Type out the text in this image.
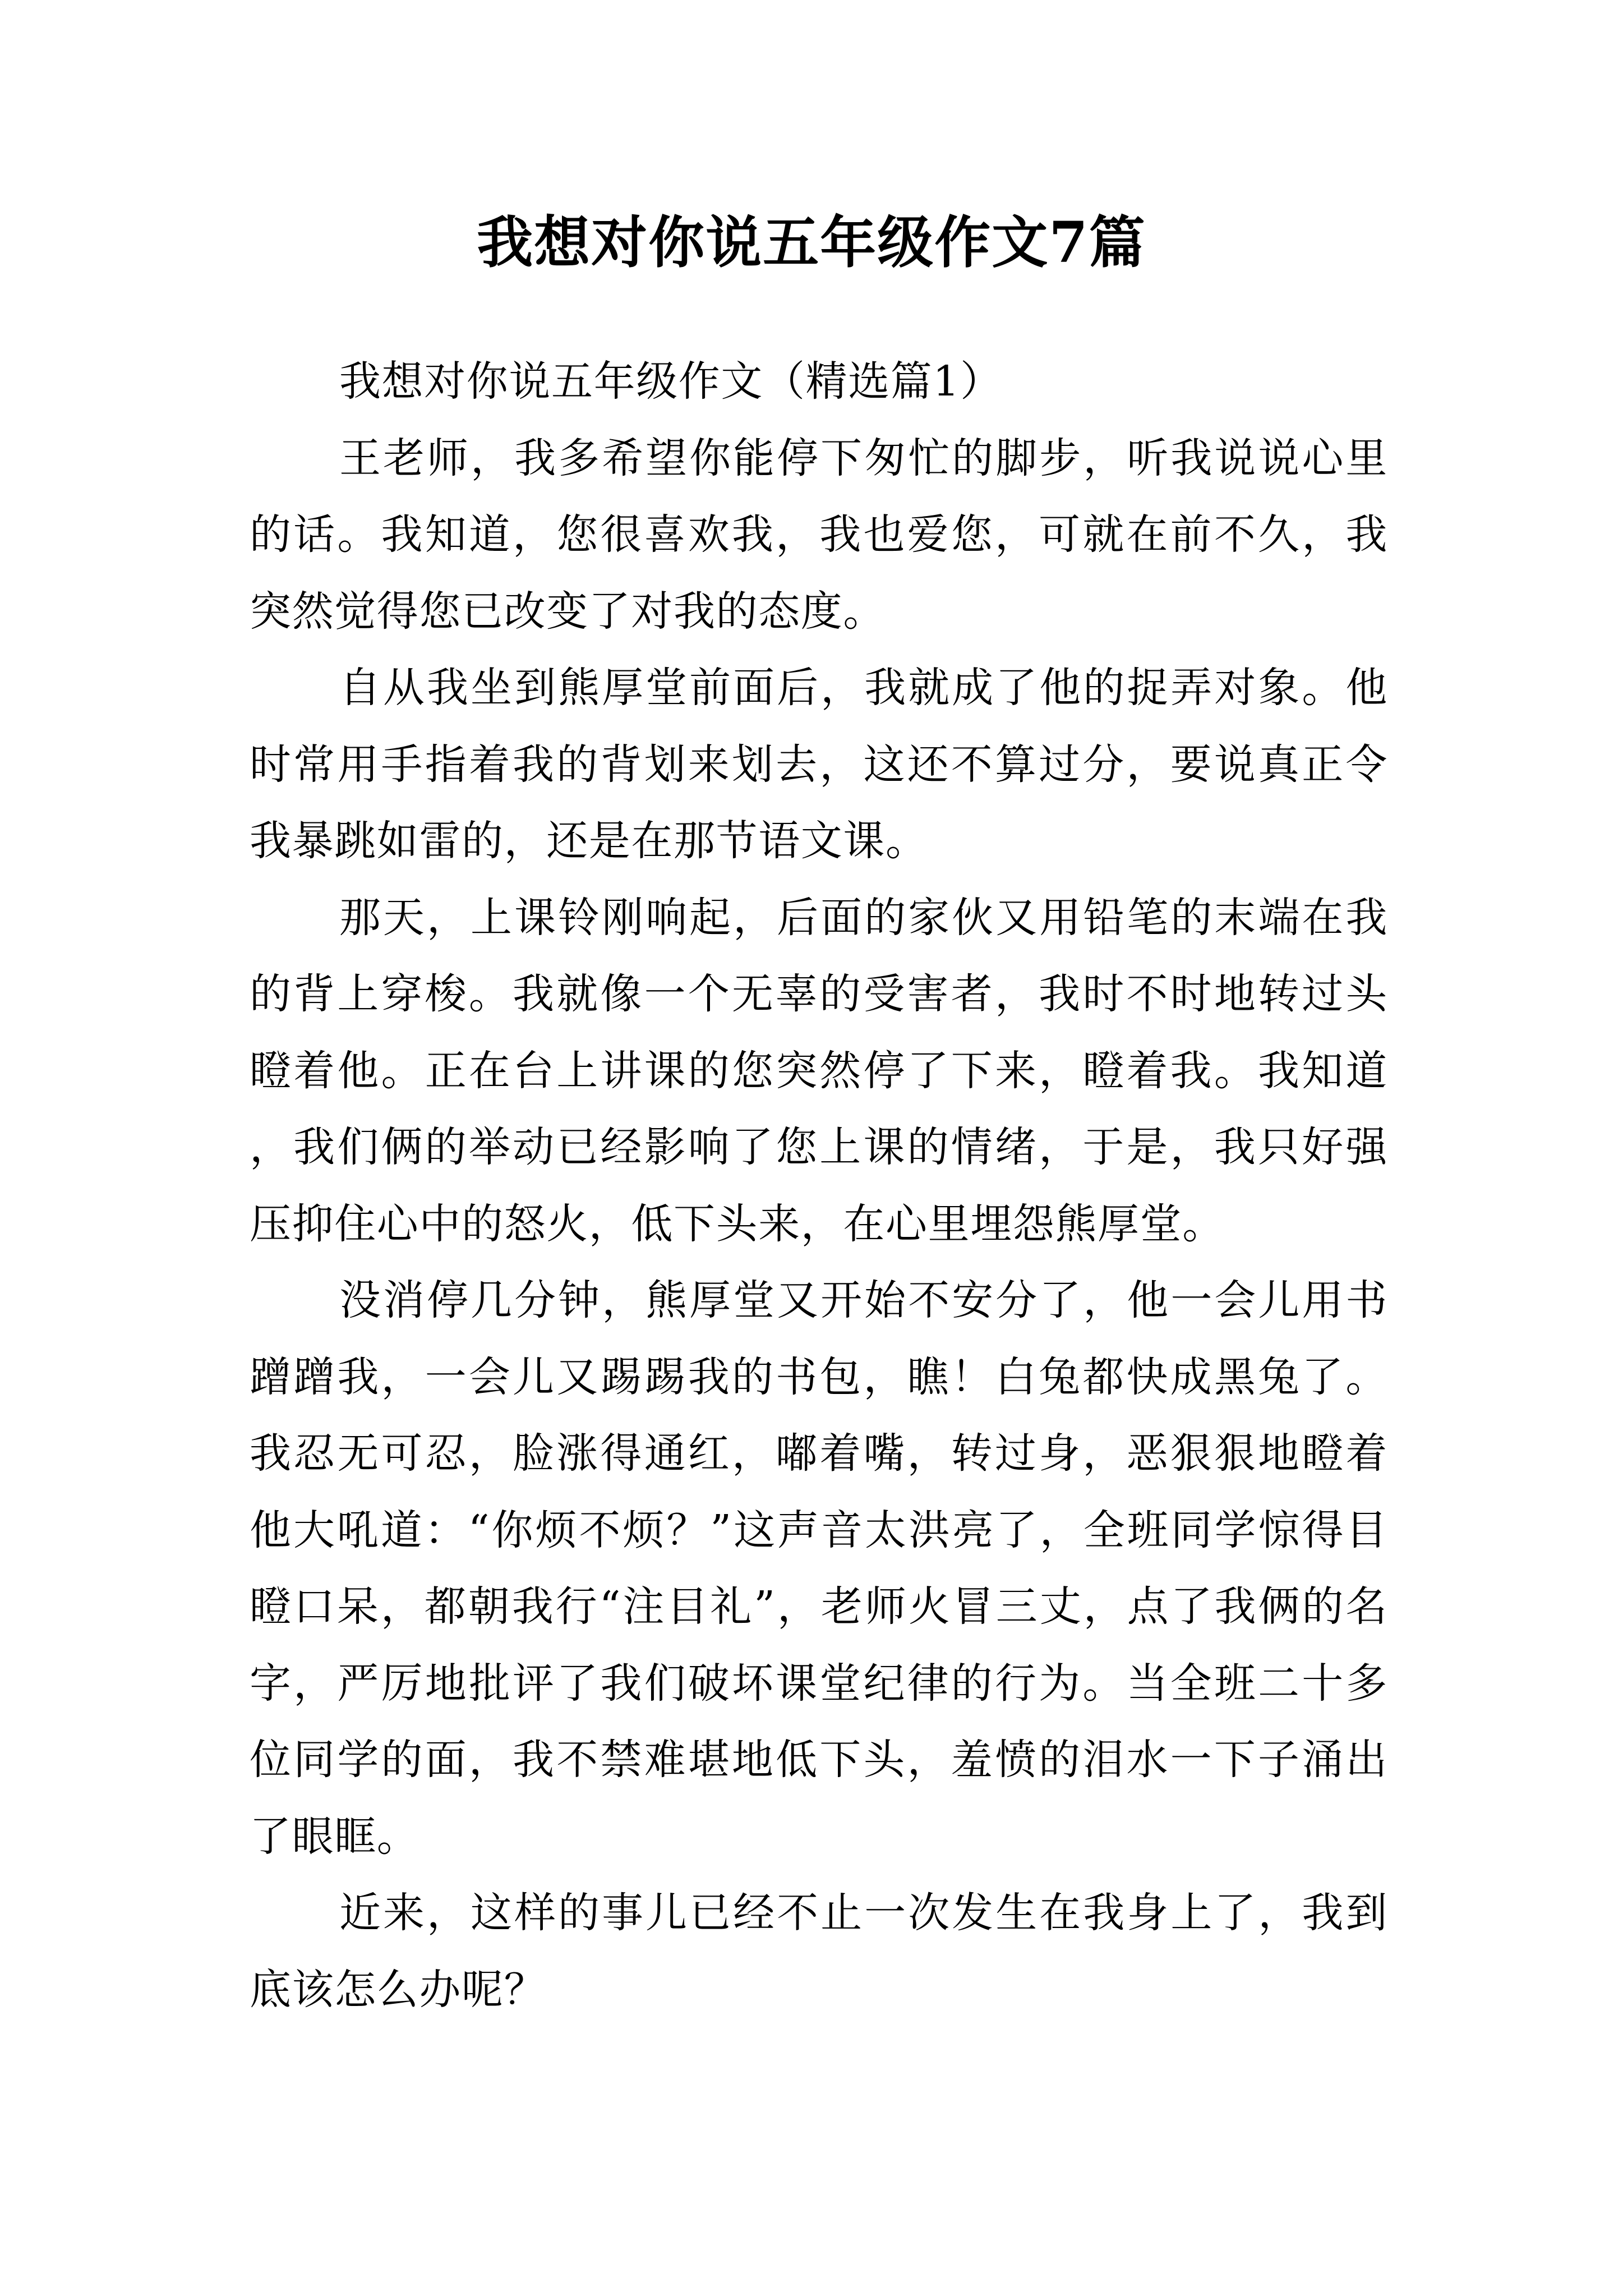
我想对你说五年级作文7篇

我想对你说五年级作文（精选篇1）

王老师，我多希望你能停下匆忙的脚步，听我说说心里的话。我知道，您很喜欢我，我也爱您，可就在前不久，我突然觉得您已改变了对我的态度。

自从我坐到熊厚堂前面后，我就成了他的捉弄对象。他时常用手指着我的背划来划去，这还不算过分，要说真正令我暴跳如雷的，还是在那节语文课。

那天，上课铃刚响起，后面的家伙又用铅笔的末端在我的背上穿梭。我就像一个无辜的受害者，我时不时地转过头瞪着他。正在台上讲课的您突然停了下来，瞪着我。我知道，我们俩的举动已经影响了您上课的情绪，于是，我只好强压抑住心中的怒火，低下头来，在心里埋怨熊厚堂。

没消停几分钟，熊厚堂又开始不安分了，他一会儿用书蹭蹭我，一会儿又踢踢我的书包，瞧！白兔都快成黑兔了。我忍无可忍，脸涨得通红，嘟着嘴，转过身，恶狠狠地瞪着他大吼道：“你烦不烦？”这声音太洪亮了，全班同学惊得目瞪口呆，都朝我行“注目礼”，老师火冒三丈，点了我俩的名字，严厉地批评了我们破坏课堂纪律的行为。当全班二十多位同学的面，我不禁难堪地低下头，羞愤的泪水一下子涌出了眼眶。

近来，这样的事儿已经不止一次发生在我身上了，我到底该怎么办呢？
